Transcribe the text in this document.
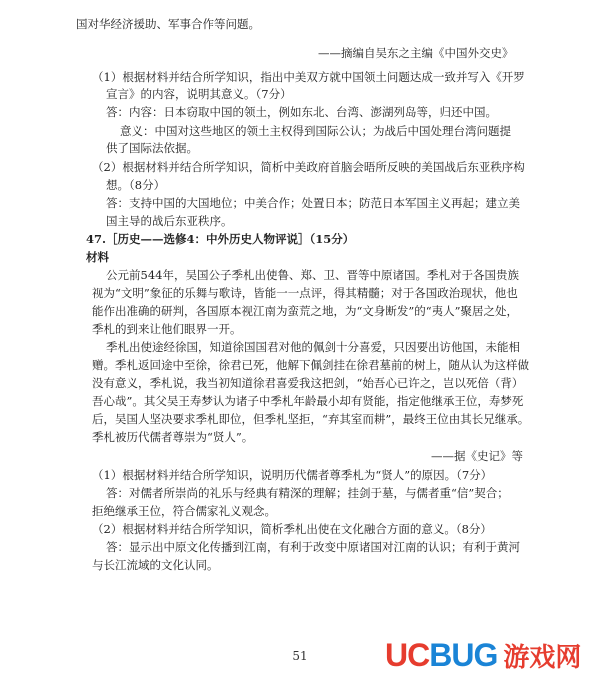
国对华经济援助、军事合作等问题。
——摘编自吴东之主编《中国外交史》
（1）根据材料并结合所学知识，指出中美双方就中国领土问题达成一致并写入《开罗
宣言》的内容，说明其意义。（7分）
答：内容：日本窃取中国的领土，例如东北、台湾、澎湖列岛等，归还中国。
意义：中国对这些地区的领土主权得到国际公认；为战后中国处理台湾问题提
供了国际法依据。
（2）根据材料并结合所学知识，简析中美政府首脑会晤所反映的美国战后东亚秩序构
想。（8分）
答：支持中国的大国地位；中美合作；处置日本；防范日本军国主义再起；建立美
国主导的战后东亚秩序。
47.［历史——选修4：中外历史人物评说］（15分）
材料
公元前544年，吴国公子季札出使鲁、郑、卫、晋等中原诸国。季札对于各国贵族
视为“文明”象征的乐舞与歌诗，皆能一一点评，得其精髓；对于各国政治现状，他也
能作出准确的研判，各国原本视江南为蛮荒之地，为“文身断发”的“夷人”聚居之处，
季札的到来让他们眼界一开。
季札出使途经徐国，知道徐国国君对他的佩剑十分喜爱，只因要出访他国，未能相
赠。季札返回途中至徐，徐君已死，他解下佩剑挂在徐君墓前的树上，随从认为这样做
没有意义，季札说，我当初知道徐君喜爱我这把剑，“始吾心已许之，岂以死倍（背）
吾心哉”。其父吴王寿梦认为诸子中季札年龄最小却有贤能，指定他继承王位，寿梦死
后，吴国人坚决要求季札即位，但季札坚拒，“弃其室而耕”，最终王位由其长兄继承。
季札被历代儒者尊崇为“贤人”。
——据《史记》等
（1）根据材料并结合所学知识，说明历代儒者尊季札为“贤人”的原因。（7分）
答：对儒者所崇尚的礼乐与经典有精深的理解；挂剑于墓，与儒者重“信”契合；
拒绝继承王位，符合儒家礼义观念。
（2）根据材料并结合所学知识，简析季札出使在文化融合方面的意义。（8分）
答：显示出中原文化传播到江南，有利于改变中原诸国对江南的认识；有利于黄河
与长江流域的文化认同。
51	UC BUG 游戏网
